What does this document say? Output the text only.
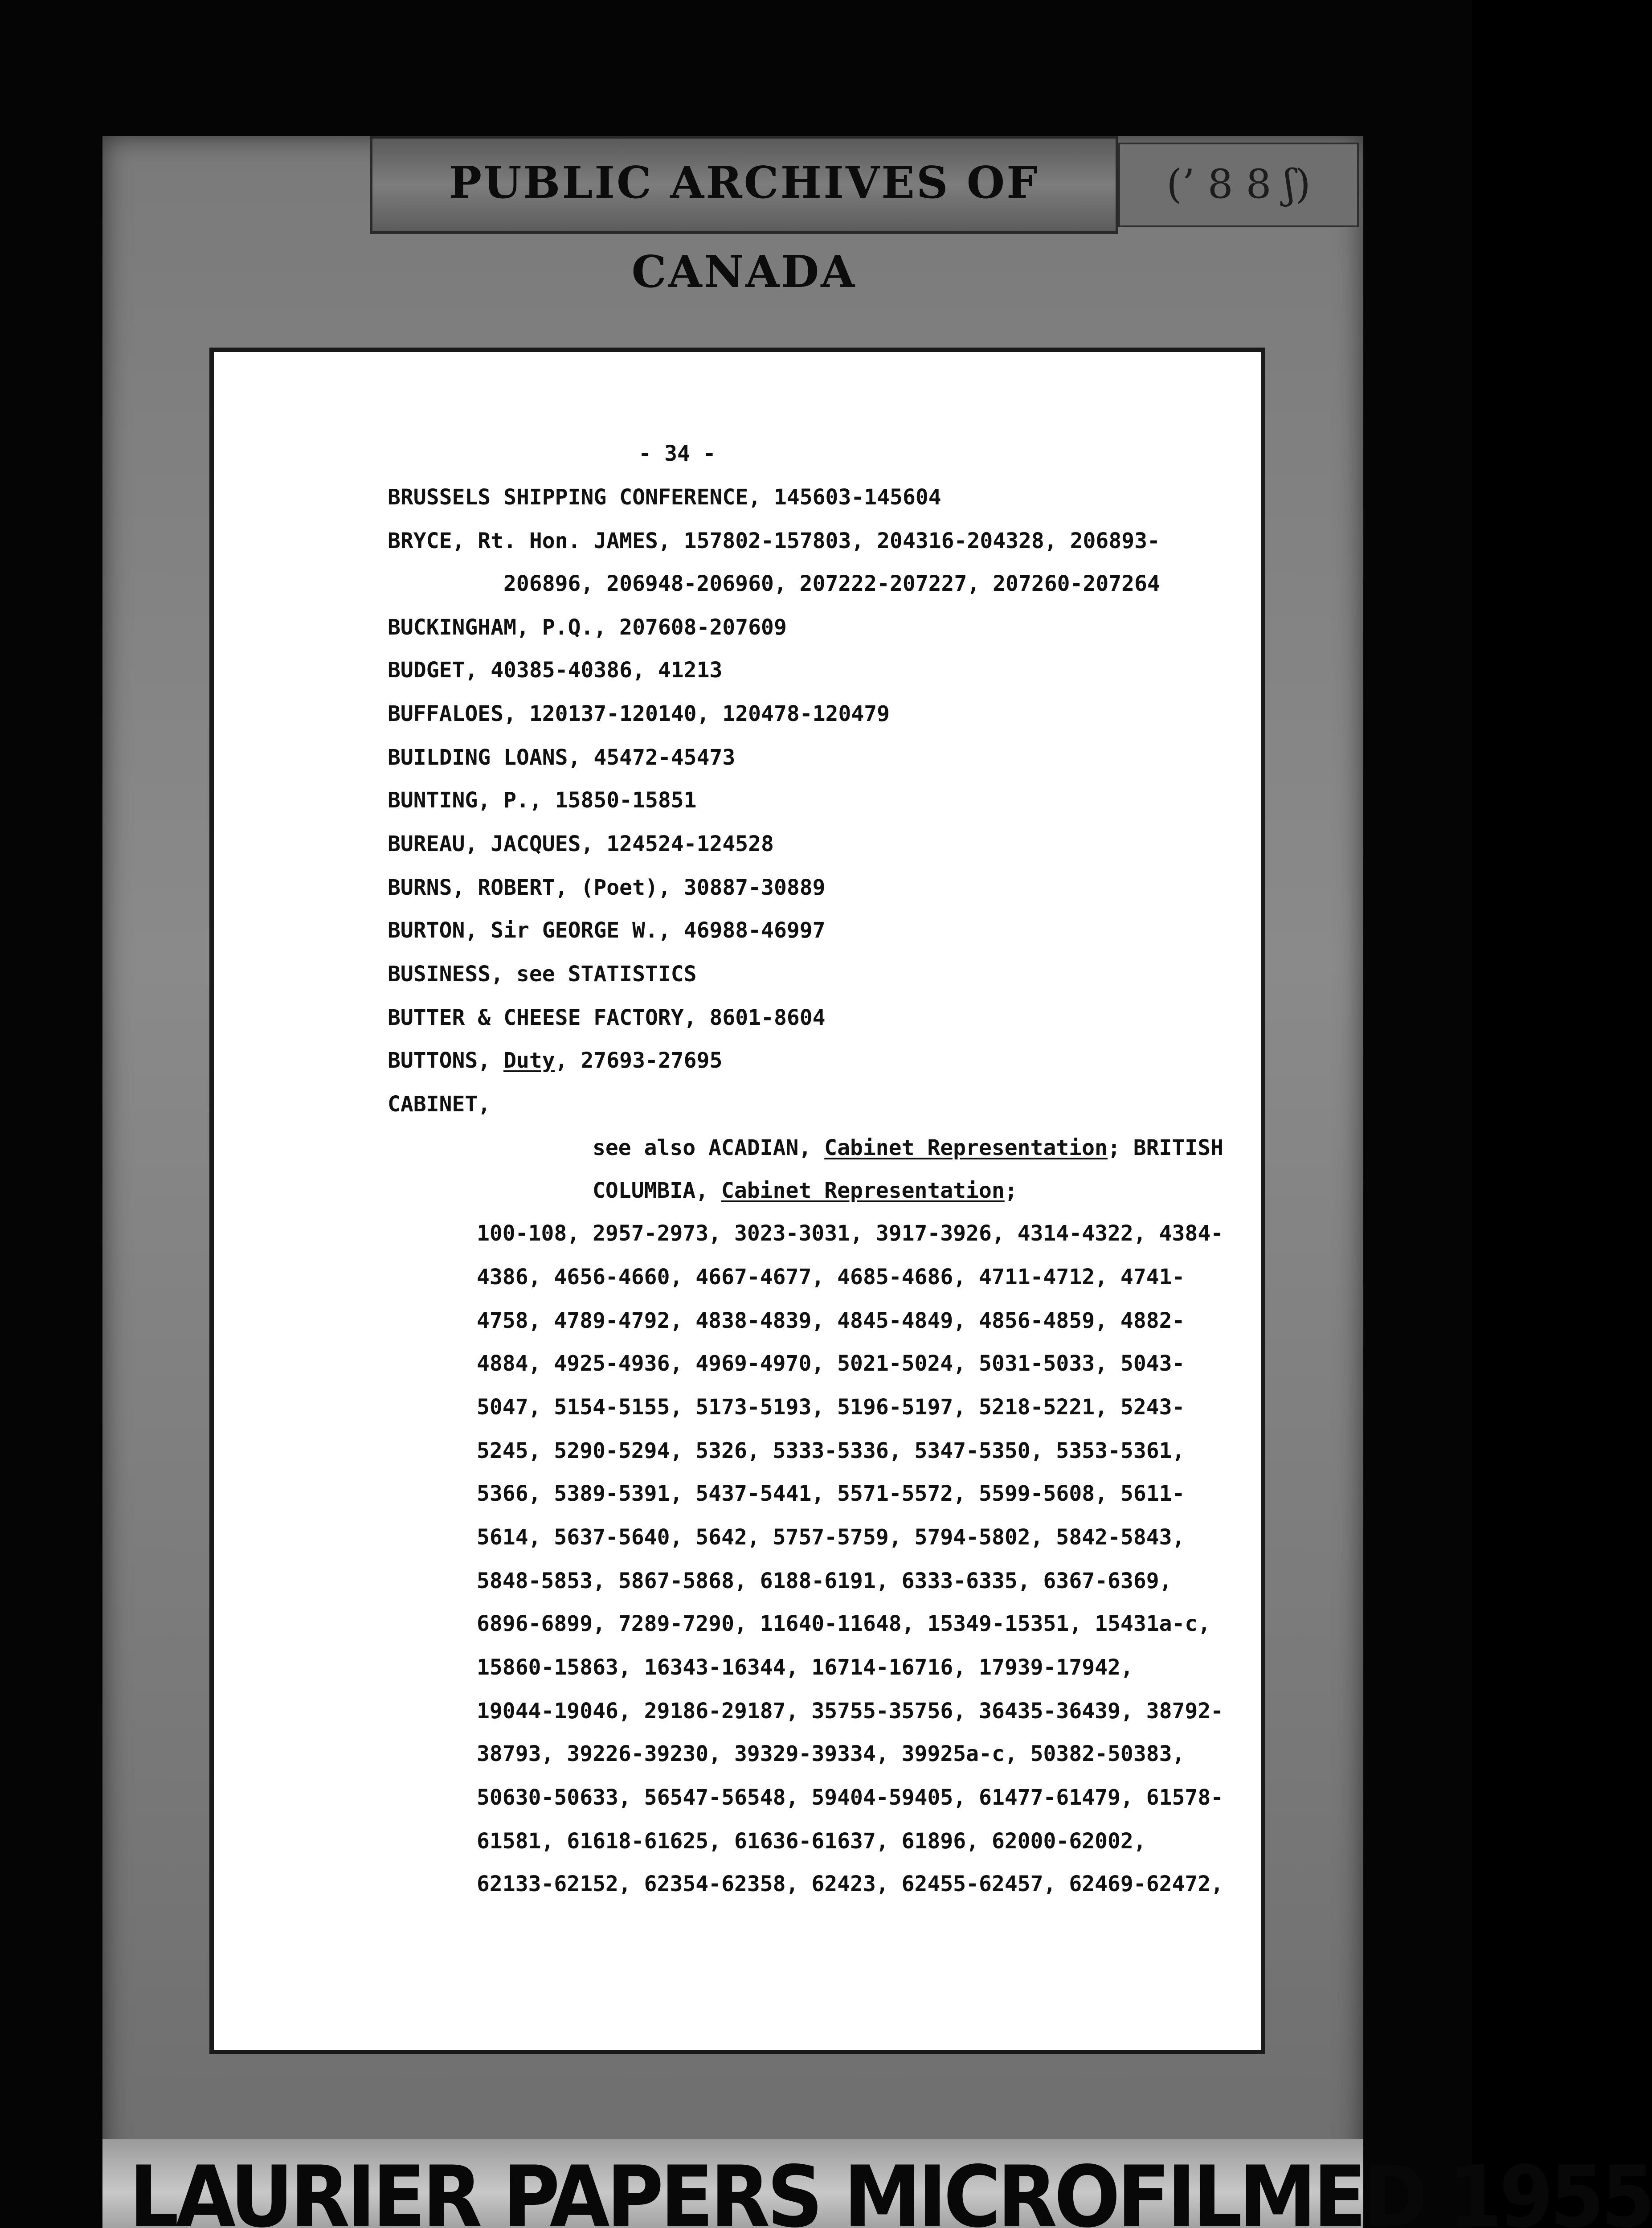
PUBLIC ARCHIVES OF CANADA
(’ 8 8 ʃ)
- 34 -
BRUSSELS SHIPPING CONFERENCE, 145603-145604
BRYCE, Rt. Hon. JAMES, 157802-157803, 204316-204328, 206893-
206896, 206948-206960, 207222-207227, 207260-207264
BUCKINGHAM, P.Q., 207608-207609
BUDGET, 40385-40386, 41213
BUFFALOES, 120137-120140, 120478-120479
BUILDING LOANS, 45472-45473
BUNTING, P., 15850-15851
BUREAU, JACQUES, 124524-124528
BURNS, ROBERT, (Poet), 30887-30889
BURTON, Sir GEORGE W., 46988-46997
BUSINESS, see STATISTICS
BUTTER & CHEESE FACTORY, 8601-8604
BUTTONS, Duty, 27693-27695
CABINET,
see also ACADIAN, Cabinet Representation; BRITISH
COLUMBIA, Cabinet Representation;
100-108, 2957-2973, 3023-3031, 3917-3926, 4314-4322, 4384-
4386, 4656-4660, 4667-4677, 4685-4686, 4711-4712, 4741-
4758, 4789-4792, 4838-4839, 4845-4849, 4856-4859, 4882-
4884, 4925-4936, 4969-4970, 5021-5024, 5031-5033, 5043-
5047, 5154-5155, 5173-5193, 5196-5197, 5218-5221, 5243-
5245, 5290-5294, 5326, 5333-5336, 5347-5350, 5353-5361,
5366, 5389-5391, 5437-5441, 5571-5572, 5599-5608, 5611-
5614, 5637-5640, 5642, 5757-5759, 5794-5802, 5842-5843,
5848-5853, 5867-5868, 6188-6191, 6333-6335, 6367-6369,
6896-6899, 7289-7290, 11640-11648, 15349-15351, 15431a-c,
15860-15863, 16343-16344, 16714-16716, 17939-17942,
19044-19046, 29186-29187, 35755-35756, 36435-36439, 38792-
38793, 39226-39230, 39329-39334, 39925a-c, 50382-50383,
50630-50633, 56547-56548, 59404-59405, 61477-61479, 61578-
61581, 61618-61625, 61636-61637, 61896, 62000-62002,
62133-62152, 62354-62358, 62423, 62455-62457, 62469-62472,
LAURIER PAPERS MICROFILMED 1955
